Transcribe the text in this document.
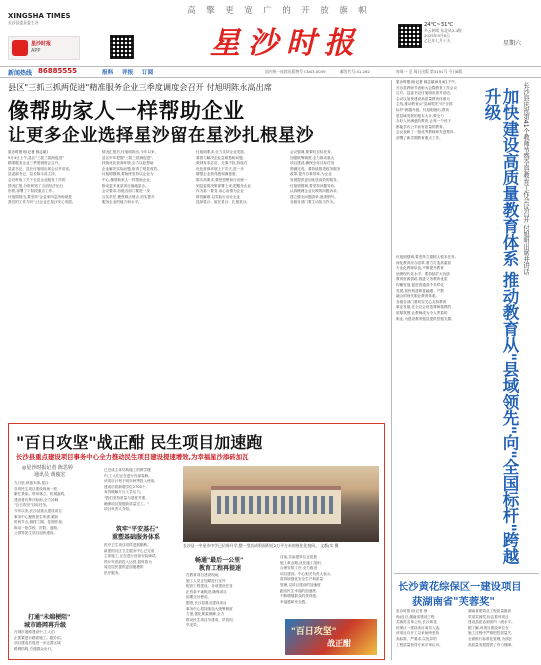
高 擎 更 宽 广 的 开 放 旗 帜
XINGSHA TIMES
长沙县委县委主办
星沙时报
APP	星沙时报
24℃~31℃
多云转晴 东北风3-4级
2025年9月6日
乙巳年七月十五	星期六
新闻热线 86885555	报料 评报 订阅	国内统一连续出版物号 CN43-0039	邮发代号:41-262	每周一 至 周日出版 第3191号 今日8版
县区"三抓三抓两促进"精准服务企业三季度调度会召开 付旭明陈永高出席
像帮助家人一样帮助企业
让更多企业选择星沙留在星沙扎根星沙
星沙时报讯(记者 蒋志斌)
9月4日上午,县区"三抓三抓两促进"
精准服务企业三季度调度会召开。
县委书记、县长付旭明出席会议并讲话,
县委副书记、县长陈永高主持。
会议听取了关于全县企业服务工作的
情况汇报,分析研判了当前经济运行
形势,部署了下阶段重点工作。
付旭明指出,要坚持"企业家所急所盼就是
我们的工作方向",让企业在星沙安心发展。
情况汇报后,付旭明指出,今年以来,
县区牢牢把握"三抓三抓两促进",
持续优化营商环境,全力以赴帮助
企业解决实际问题,取得了明显成效。
付旭明强调,要始终坚持以企业为
中心,像帮助家人一样帮助企业,
推动更多优质项目落地星沙。
会议要求,各级各部门要进一步
压实责任,聚焦难点堵点,切实提升
服务企业的能力和水平。
付旭明要求,全力支持企业发展,
要着力解决企业急难愁盼问题,
做到有求必应、无事不扰,持续在
优化营商环境上下功夫,进一步
增强企业获得感和满意度。
陈永高要求,要把思想和行动统一
到县委的决策部署上来,把服务企业
作为第一要务,用心用情为企业
排忧解难,以实际行动让企业
选择星沙、留在星沙、扎根星沙。
会议强调,要紧盯目标任务,
加强统筹调度,全力推动重大
项目建设,确保全年目标任务
圆满完成。要持续推进政务服务
改革,提升办事效率,为企业
发展提供更加优质高效的服务。
付旭明强调,要坚持问题导向,
认真梳理企业反映的问题诉求,
建立健全问题清单,逐项销号。
各级各部门要主动担当作为。
星沙时报讯(记者 蒋志斌)9月4日下午,
长沙县教师节表彰大会暨教育工作会议
召开。县委书记付旭明出席并讲话,
会议以加快建设高质量教育体系为
主线,推动教育从"县域领先"向"全国
标杆"跨越升级。付旭明指出,教育
是县域发展的根本大计,要全力
办好人民满意的教育,让每一个孩子
都能享有公平而有质量的教育。
会议表彰了一批优秀教师和先进集体,
部署了新学期教育重点工作。	长沙县庆祝第41个教师节暨全县教育工作会议召开 付旭明出席并讲话
加快建设高质量教育体系 推动教育从"县域领先"向"全国标杆"跨越升级
付旭明强调,要坚持立德树人根本任务,
深化教育综合改革,着力打造高素质
专业化教师队伍,不断提升教育
治理现代化水平。要持续扩大优质
教育资源供给,推进义务教育优质
均衡发展,促进普通高中多样化
发展,加快构建职普融通、产教
融合的现代职业教育体系。
各级各部门要切实关心支持教育
事业发展,在全社会营造尊师重教的
浓厚氛围,让教师成为令人羡慕的
职业,为建设教育强县提供坚强支撑。
长沙黄花综保区一建设项目
获湖南省"芙蓉奖"
星沙时报讯(记者 徐
尚)近日,湖南省建设工程
芙蓉奖名单公布,长沙黄花
综保区一建设项目成功入选,
该项目自开工以来始终坚持
高标准、严要求,以优异的
工程质量获得专家评审认可。
湖南省建筑业工程质量最高
奖项芙蓉奖,标志着该项目
建设品质达到省内一流水平。
据了解,该项目建设单位在
施工过程中严格把控质量关,
全面推行标准化管理,为园区
高质量发展提供了有力保障。
"百日攻坚"战正酣 民生项目加速跑
长沙县重点建设项目事务中心全力推动民生项目建设提速增效,为幸福星沙添砖加瓦
◎星沙时报记者 陈思婷
通讯员 黄俊宏
九月里,秋意未浓,星沙
各项民生项目建设现场一派
繁忙景象。塔吊林立、机械轰鸣,
建设者们挥汗如雨,全力冲刺
"百日攻坚"目标任务。
今年以来,长沙县重点建设项目
事务中心聚焦民生所需,紧扣
时间节点,倒排工期、挂图作战,
推动一批学校、医院、道路、
公园等民生项目加快建设。
打通"未端梗阻"
城市路网再升级
在城市道路建设中,工人们
正抓紧进行路面施工。据介绍,
项目建成后将进一步完善区域
路网结构,方便群众出行。
已完成主体结构施工的教学楼
内,工人们正在进行内部装修。
该项目计划于明年秋季投入使用,
建成后将新增学位2700个,
有效缓解片区入学压力。
"我们坚持质量与进度并重,
确保项目按期高质量完工。"
项目负责人介绍。
筑牢"平安基石"
重塑基础服务体系
医疗卫生项目同样进展顺利。
新建的社区卫生服务中心已完成
主体施工,正在进行设备安装调试,
预计年底前投入运营,届时将为
周边居民提供更加便捷的
医疗服务。
长沙县一中星沙中学已招周升学,整一型店成积面积近2万平方米的规化化校同。 文都(实 摄
畅通"最后一公里"
教育工程再提速
在教育项目建设现场,
施工人员正加紧进行室外
配套工程建设。各项建设任务
正有条不紊推进,确保项目
如期交付使用。
据悉,长沙县重点建设项目
事务中心将持续加大统筹调度
力度,强化要素保障,全力
推动民生项目早建成、早投用、
早见效。
目前,各参建单位正抢抓
施工黄金期,优化施工组织,
合理安排工序,全力推进
项目建设。中心相关负责人表示,
将持续强化安全生产和质量
管理,以项目建设的加速度
跑出民生幸福的加速度,
不断增强群众的获得感、
幸福感和安全感。
"百日攻坚"
战正酣
